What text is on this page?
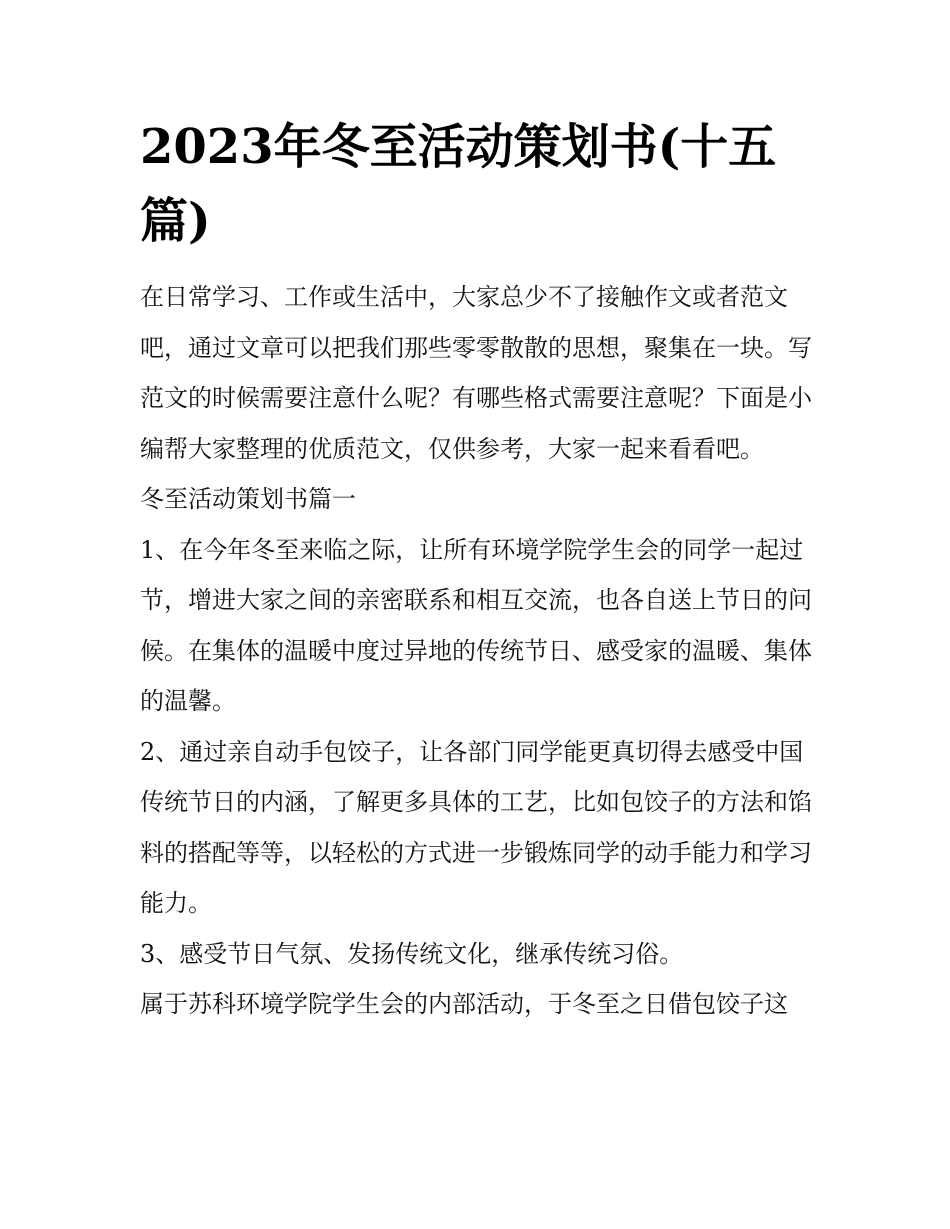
2023年冬至活动策划书(十五篇)

在日常学习、工作或生活中，大家总少不了接触作文或者范文吧，通过文章可以把我们那些零零散散的思想，聚集在一块。写范文的时候需要注意什么呢？有哪些格式需要注意呢？下面是小编帮大家整理的优质范文，仅供参考，大家一起来看看吧。

冬至活动策划书篇一

1、在今年冬至来临之际，让所有环境学院学生会的同学一起过节，增进大家之间的亲密联系和相互交流，也各自送上节日的问候。在集体的温暖中度过异地的传统节日、感受家的温暖、集体的温馨。

2、通过亲自动手包饺子，让各部门同学能更真切得去感受中国传统节日的内涵，了解更多具体的工艺，比如包饺子的方法和馅料的搭配等等，以轻松的方式进一步锻炼同学的动手能力和学习能力。

3、感受节日气氛、发扬传统文化，继承传统习俗。

属于苏科环境学院学生会的内部活动，于冬至之日借包饺子这
